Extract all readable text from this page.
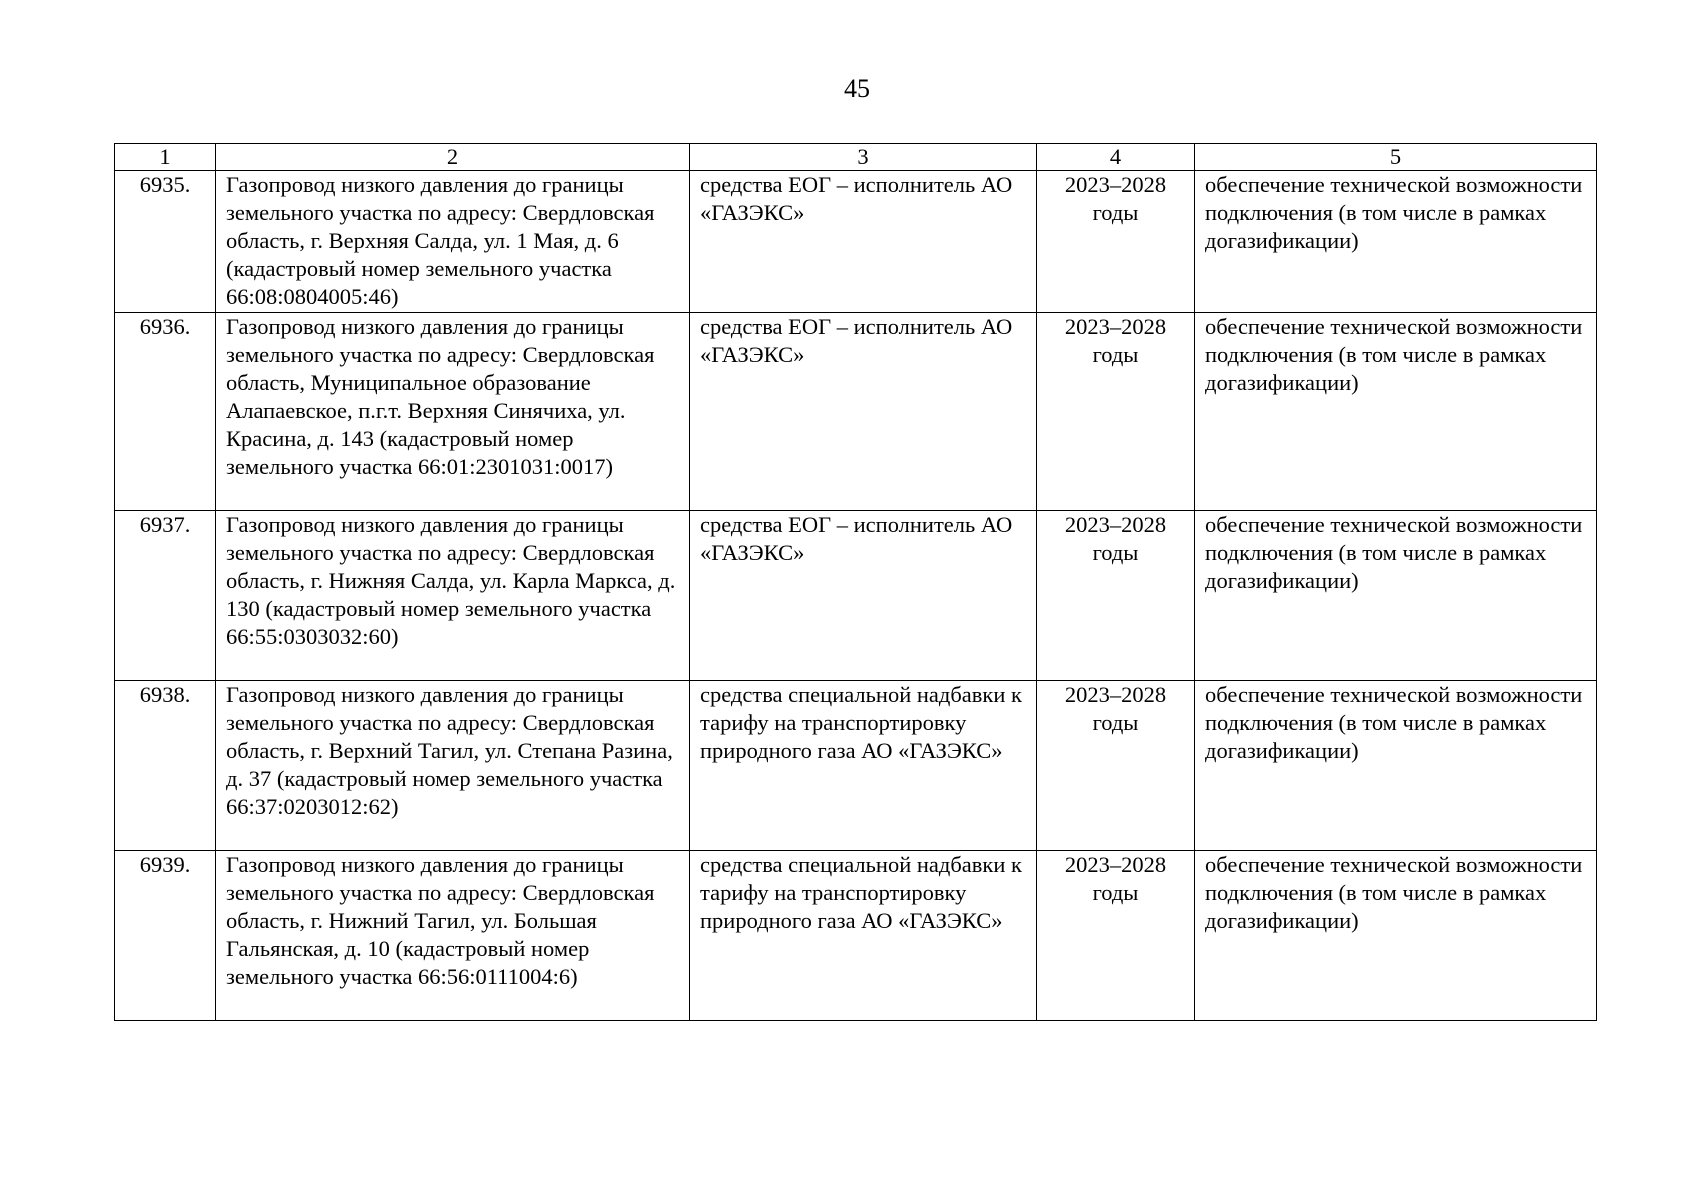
45
1	2	3	4	5
6935.	Газопровод низкого давления до границы земельного участка по адресу: Свердловская область, г. Верхняя Салда, ул. 1 Мая, д. 6 (кадастровый номер земельного участка 66:08:0804005:46)	средства ЕОГ – исполнитель АО «ГАЗЭКС»	2023–2028 годы	обеспечение технической возможности подключения (в том числе в рамках догазификации)
6936.	Газопровод низкого давления до границы земельного участка по адресу: Свердловская область, Муниципальное образование Алапаевское, п.г.т. Верхняя Синячиха, ул. Красина, д. 143 (кадастровый номер земельного участка 66:01:2301031:0017)	средства ЕОГ – исполнитель АО «ГАЗЭКС»	2023–2028 годы	обеспечение технической возможности подключения (в том числе в рамках догазификации)
6937.	Газопровод низкого давления до границы земельного участка по адресу: Свердловская область, г. Нижняя Салда, ул. Карла Маркса, д. 130 (кадастровый номер земельного участка 66:55:0303032:60)	средства ЕОГ – исполнитель АО «ГАЗЭКС»	2023–2028 годы	обеспечение технической возможности подключения (в том числе в рамках догазификации)
6938.	Газопровод низкого давления до границы земельного участка по адресу: Свердловская область, г. Верхний Тагил, ул. Степана Разина, д. 37 (кадастровый номер земельного участка 66:37:0203012:62)	средства специальной надбавки к тарифу на транспортировку природного газа АО «ГАЗЭКС»	2023–2028 годы	обеспечение технической возможности подключения (в том числе в рамках догазификации)
6939.	Газопровод низкого давления до границы земельного участка по адресу: Свердловская область, г. Нижний Тагил, ул. Большая Гальянская, д. 10 (кадастровый номер земельного участка 66:56:0111004:6)	средства специальной надбавки к тарифу на транспортировку природного газа АО «ГАЗЭКС»	2023–2028 годы	обеспечение технической возможности подключения (в том числе в рамках догазификации)
